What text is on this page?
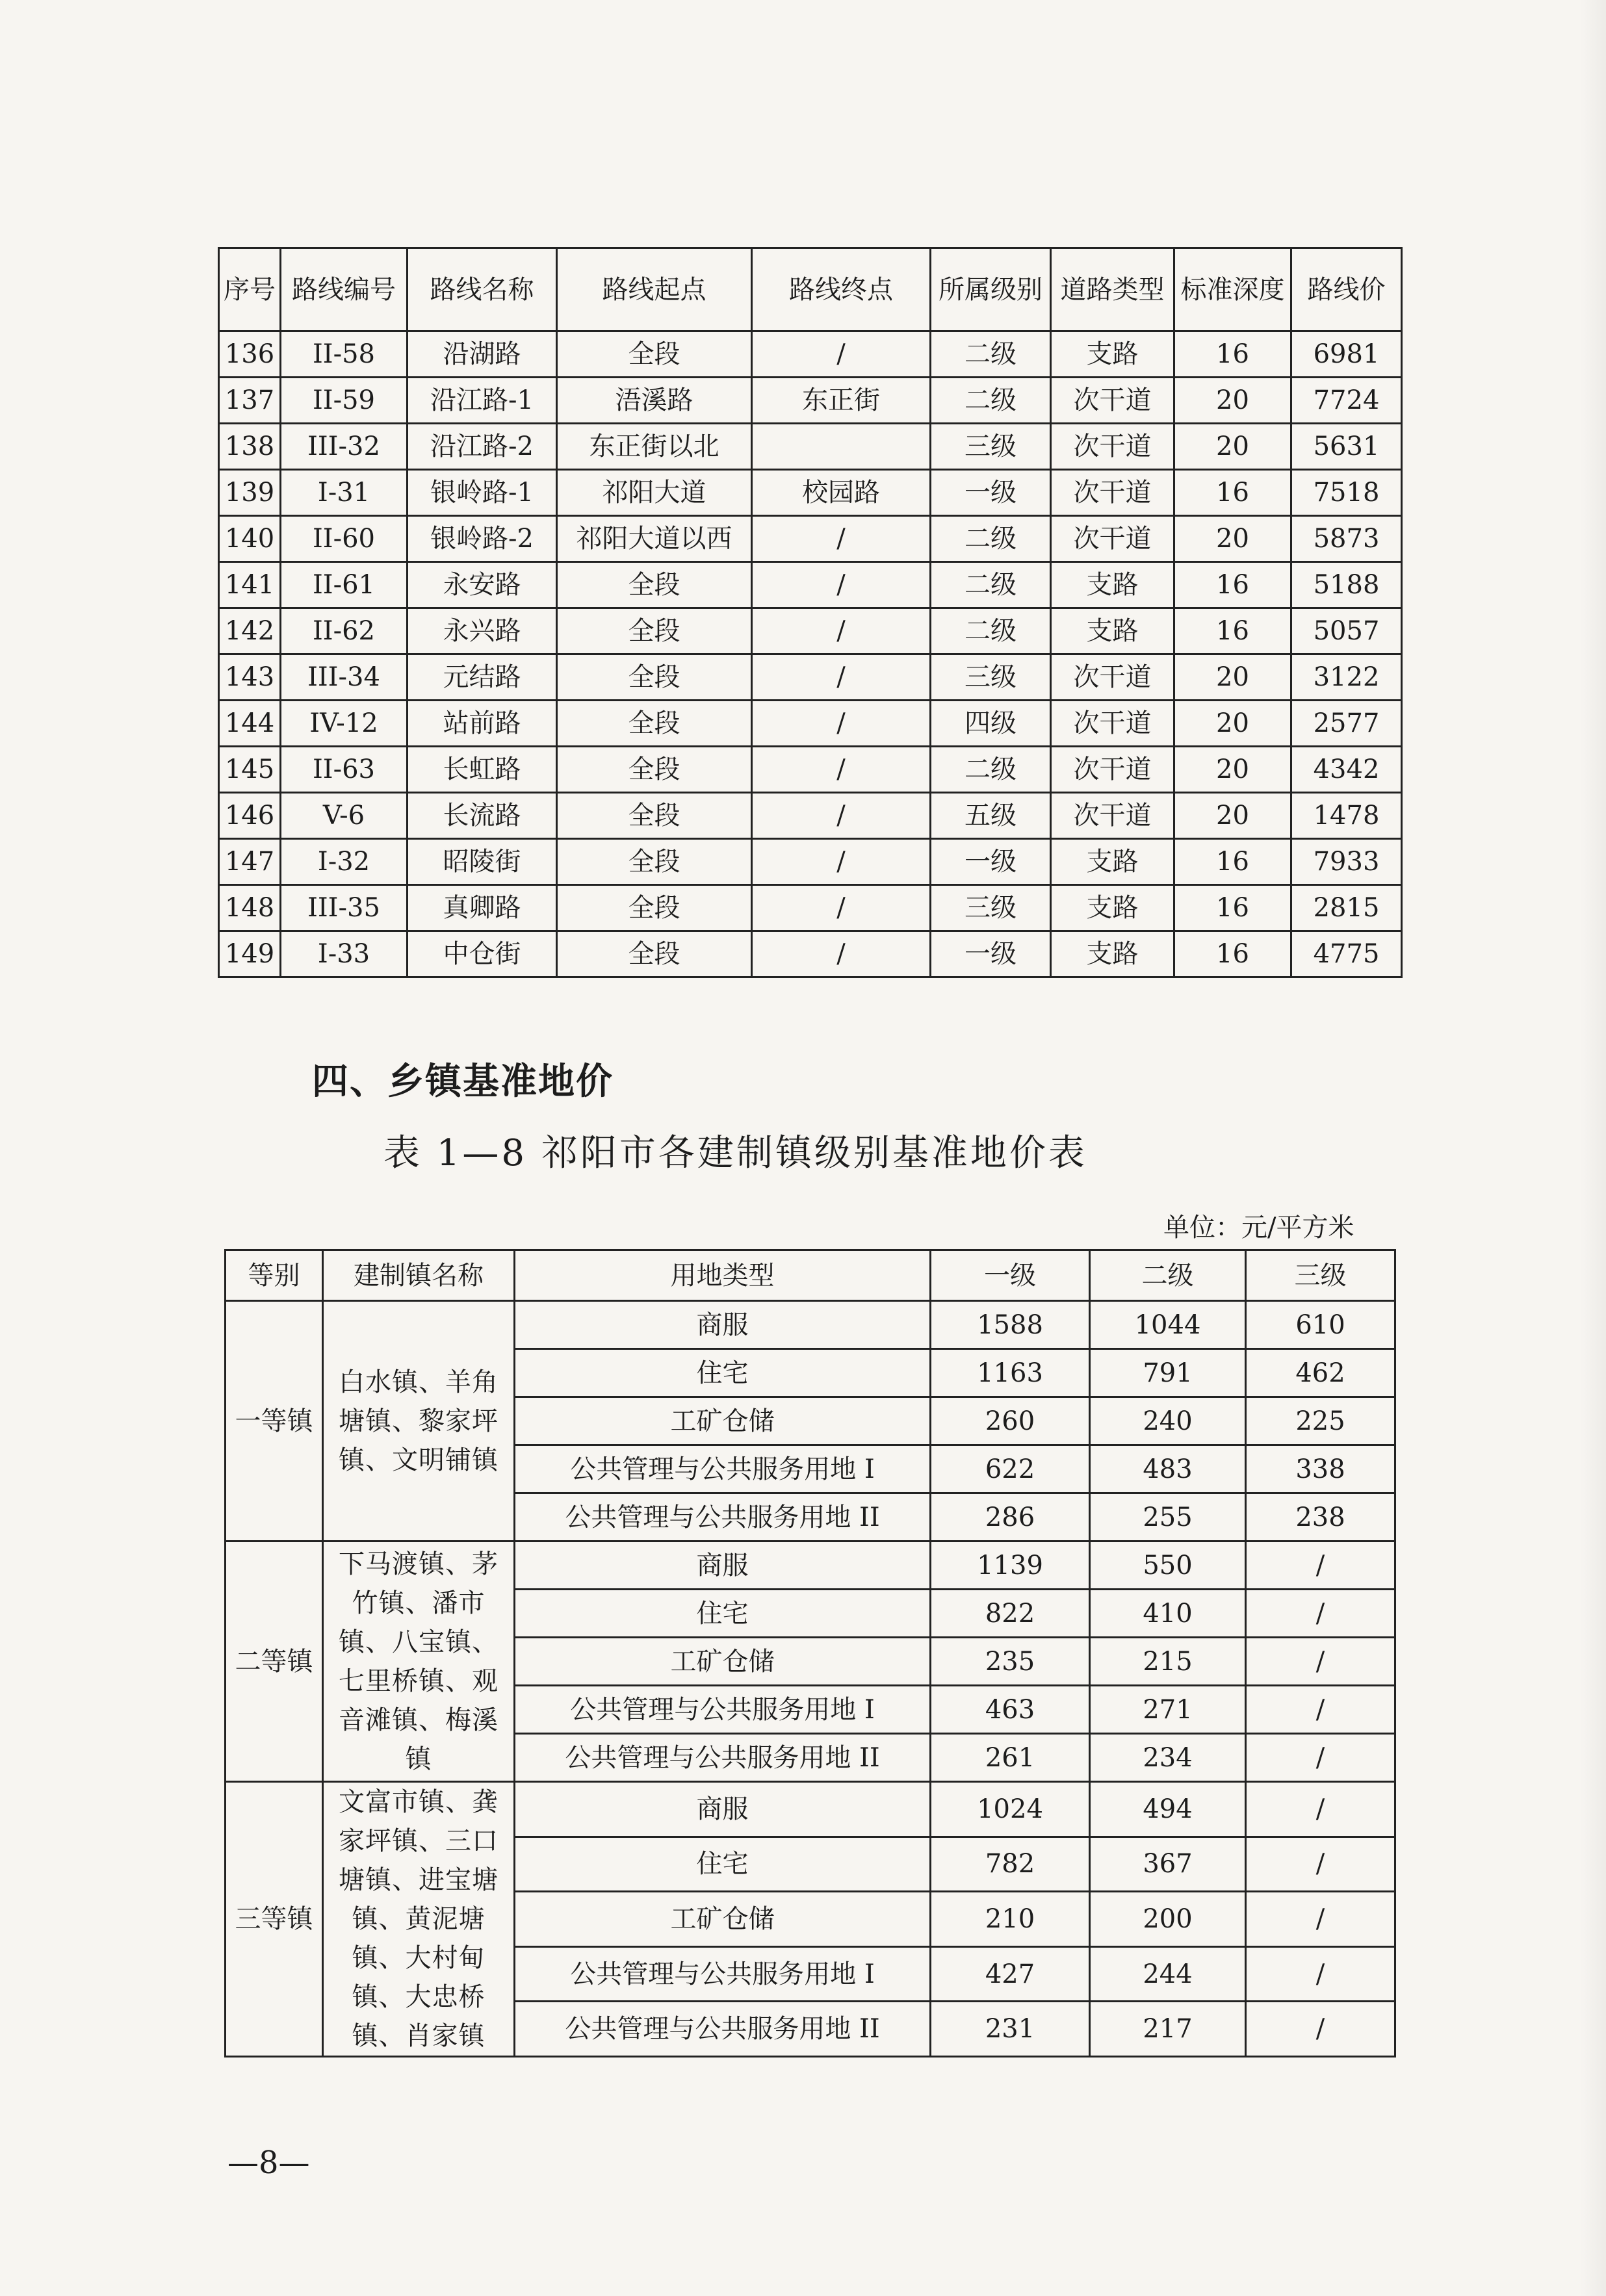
序号	路线编号	路线名称	路线起点	路线终点	所属级别	道路类型	标准深度	路线价
136	II-58	沿湖路	全段	/	二级	支路	16	6981
137	II-59	沿江路-1	浯溪路	东正街	二级	次干道	20	7724
138	III-32	沿江路-2	东正街以北		三级	次干道	20	5631
139	I-31	银岭路-1	祁阳大道	校园路	一级	次干道	16	7518
140	II-60	银岭路-2	祁阳大道以西	/	二级	次干道	20	5873
141	II-61	永安路	全段	/	二级	支路	16	5188
142	II-62	永兴路	全段	/	二级	支路	16	5057
143	III-34	元结路	全段	/	三级	次干道	20	3122
144	IV-12	站前路	全段	/	四级	次干道	20	2577
145	II-63	长虹路	全段	/	二级	次干道	20	4342
146	V-6	长流路	全段	/	五级	次干道	20	1478
147	I-32	昭陵街	全段	/	一级	支路	16	7933
148	III-35	真卿路	全段	/	三级	支路	16	2815
149	I-33	中仓街	全段	/	一级	支路	16	4775
四、乡镇基准地价
表 1—8 祁阳市各建制镇级别基准地价表
单位：元/平方米
等别	建制镇名称	用地类型	一级	二级	三级
一等镇	白水镇、羊角塘镇、黎家坪镇、文明铺镇	商服	1588	1044	610
		住宅	1163	791	462
		工矿仓储	260	240	225
		公共管理与公共服务用地 I	622	483	338
		公共管理与公共服务用地 II	286	255	238
二等镇	下马渡镇、茅竹镇、潘市镇、八宝镇、七里桥镇、观音滩镇、梅溪镇	商服	1139	550	/
		住宅	822	410	/
		工矿仓储	235	215	/
		公共管理与公共服务用地 I	463	271	/
		公共管理与公共服务用地 II	261	234	/
三等镇	文富市镇、龚家坪镇、三口塘镇、进宝塘镇、黄泥塘镇、大村甸镇、大忠桥镇、肖家镇	商服	1024	494	/
		住宅	782	367	/
		工矿仓储	210	200	/
		公共管理与公共服务用地 I	427	244	/
		公共管理与公共服务用地 II	231	217	/
—8—
